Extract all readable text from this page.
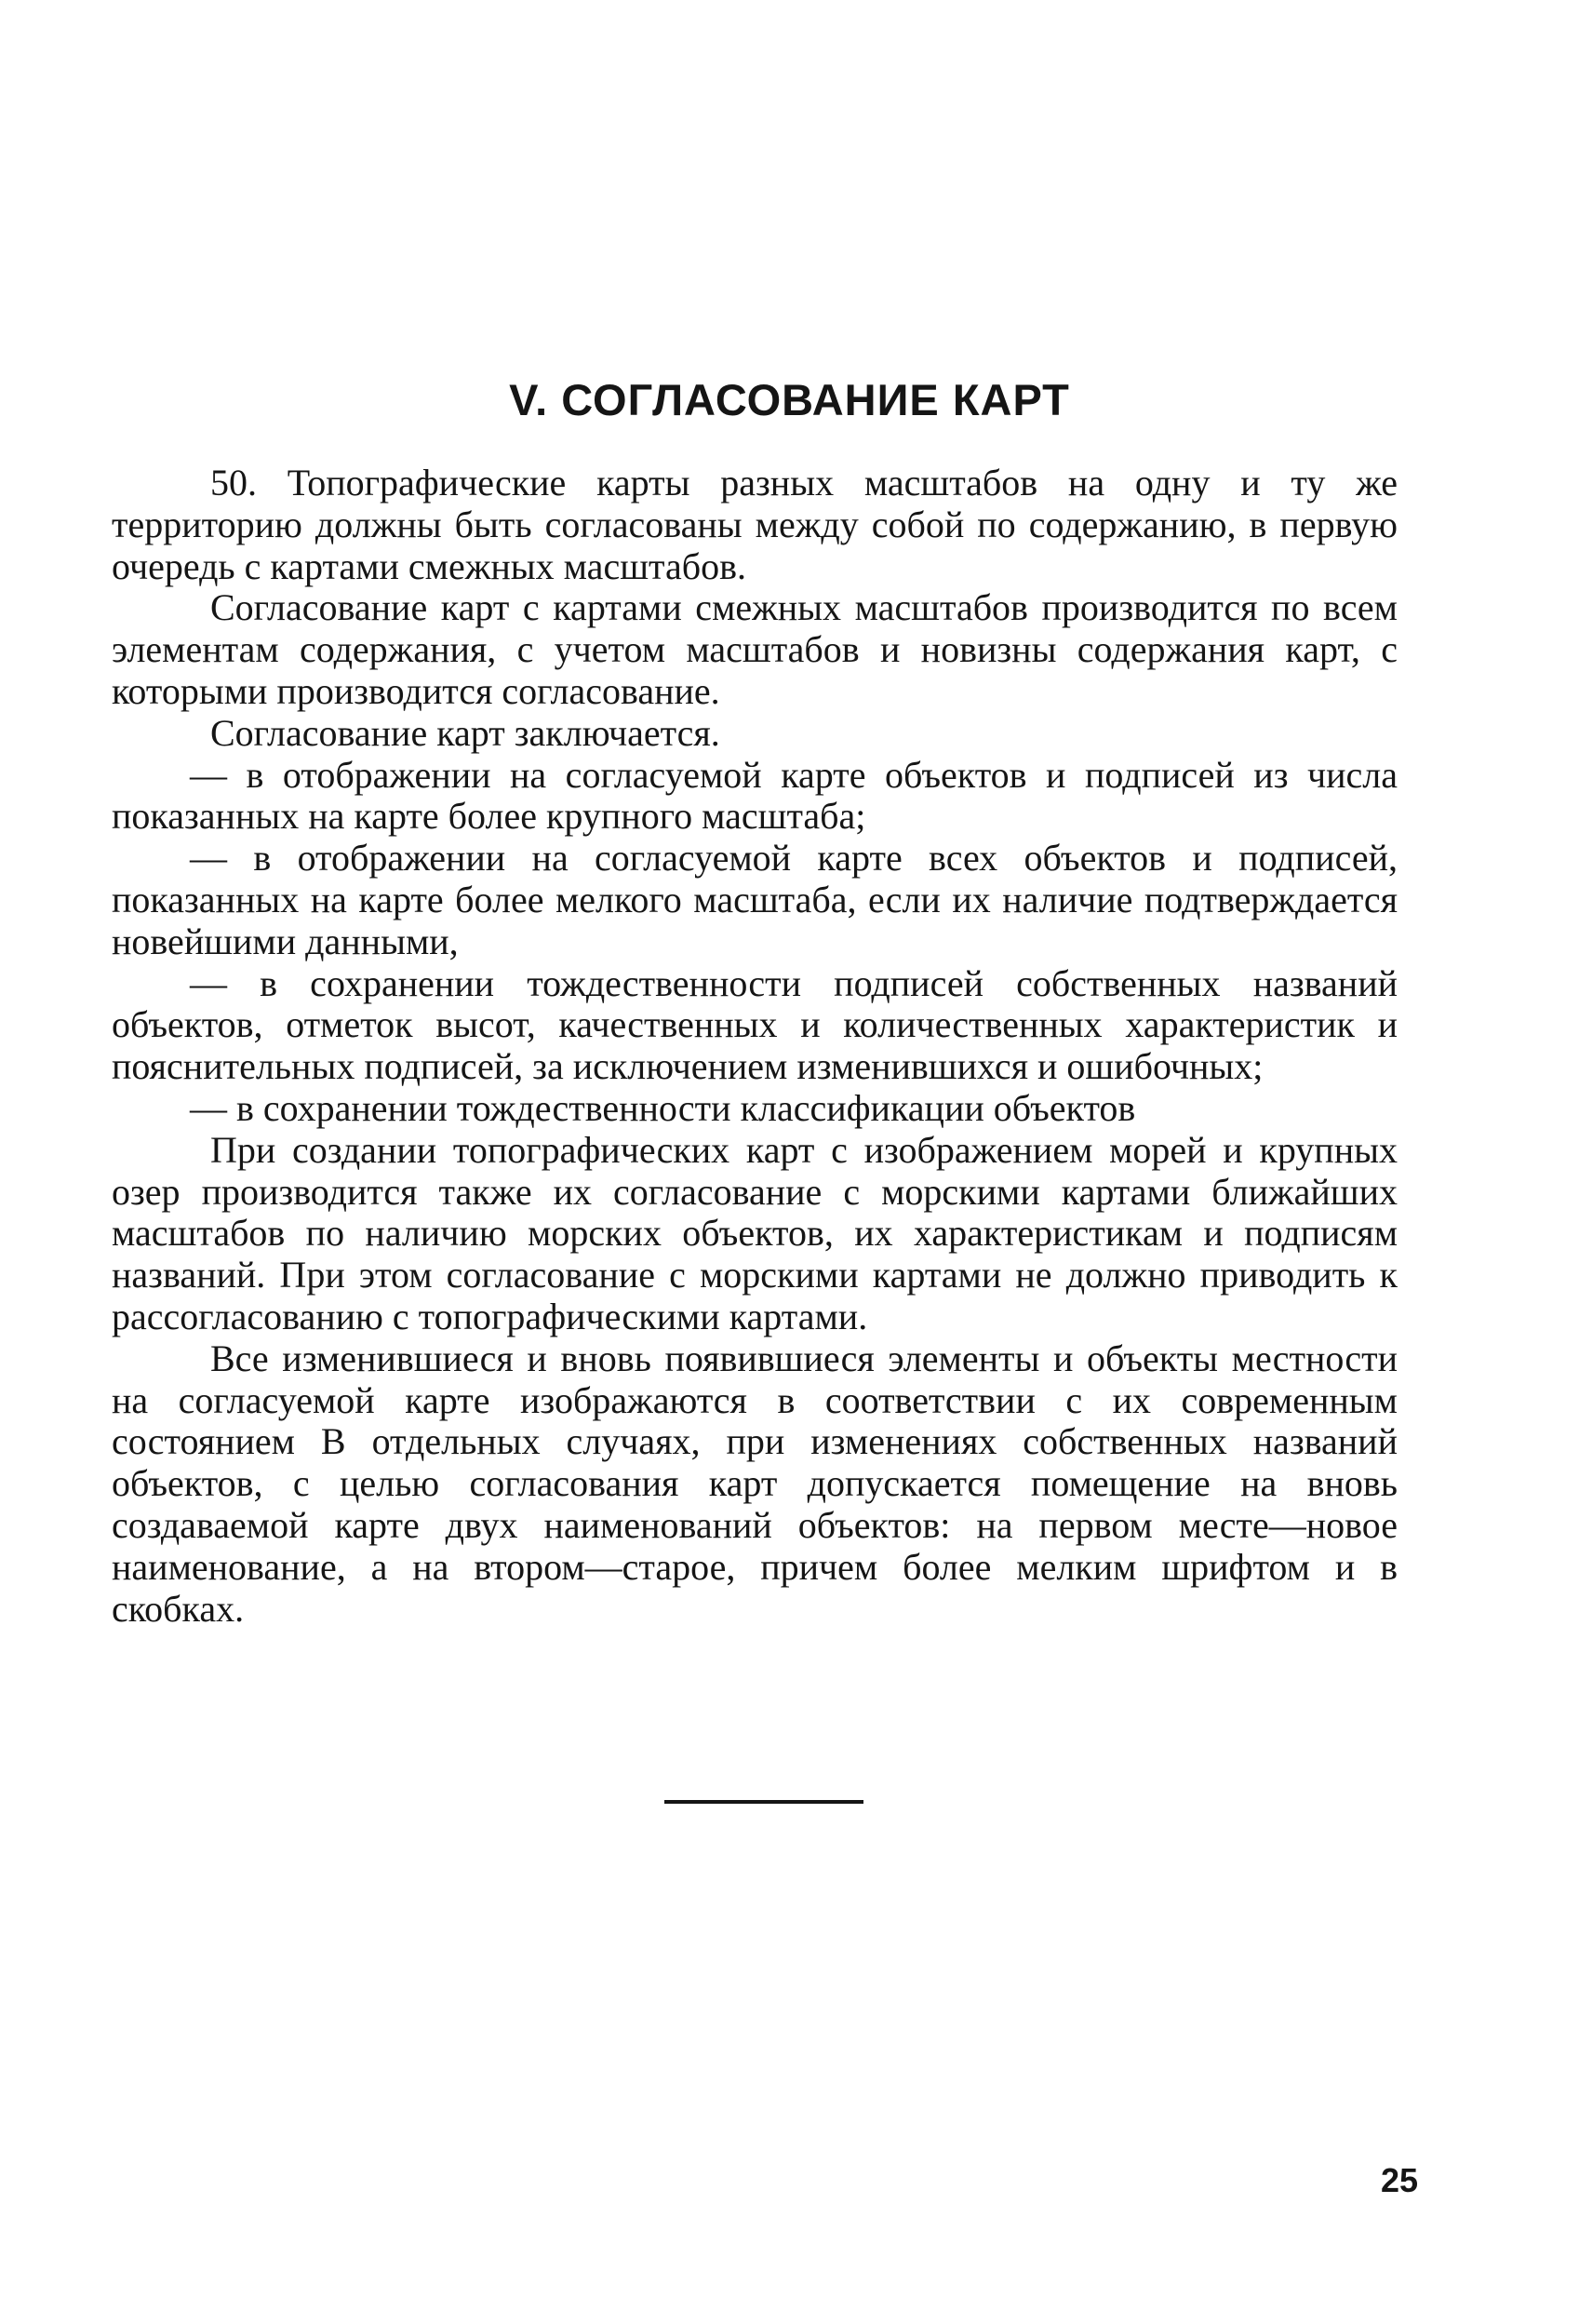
V. СОГЛАСОВАНИЕ КАРТ

50. Топографические карты разных масштабов на одну и ту же территорию должны быть согласованы между собой по содержанию, в первую очередь с картами смежных масштабов.

Согласование карт с картами смежных масштабов производится по всем элементам содержания, с учетом масштабов и новизны содержания карт, с которыми производится согласование.

Согласование карт заключается.

— в отображении на согласуемой карте объектов и подписей из числа показанных на карте более крупного масштаба;

— в отображении на согласуемой карте всех объектов и подписей, показанных на карте более мелкого масштаба, если их наличие подтверждается новейшими данными,

— в сохранении тождественности подписей собственных названий объектов, отметок высот, качественных и количественных характеристик и пояснительных подписей, за исключением изменившихся и ошибочных;

— в сохранении тождественности классификации объектов

При создании топографических карт с изображением морей и крупных озер производится также их согласование с морскими картами ближайших масштабов по наличию морских объектов, их характеристикам и подписям названий. При этом согласование с морскими картами не должно приводить к рассогласованию с топографическими картами.

Все изменившиеся и вновь появившиеся элементы и объекты местности на согласуемой карте изображаются в соответствии с их современным состоянием В отдельных случаях, при изменениях собственных названий объектов, с целью согласования карт допускается помещение на вновь создаваемой карте двух наименований объектов: на первом месте—новое наименование, а на втором—старое, причем более мелким шрифтом и в скобках.

25
